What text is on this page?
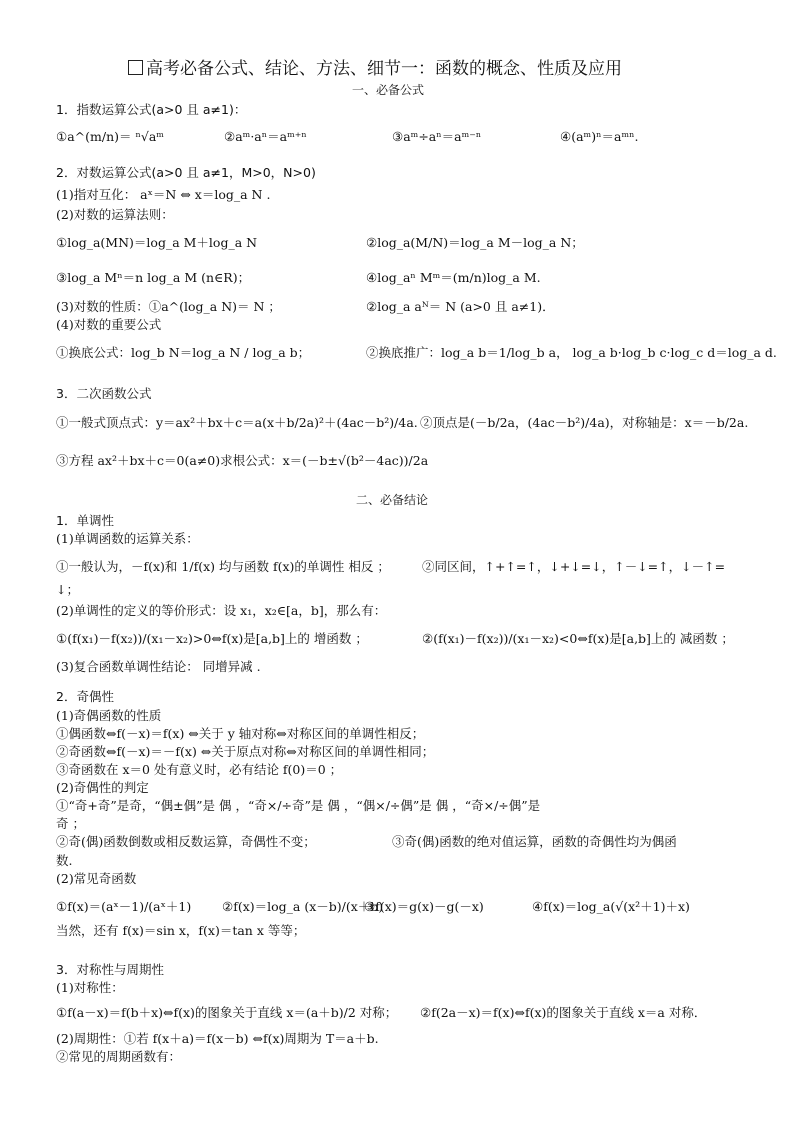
高考必备公式、结论、方法、细节一：函数的概念、性质及应用
一、必备公式
1．指数运算公式(a>0 且 a≠1)：
①a^(m/n)＝ ⁿ√aᵐ	②aᵐ·aⁿ＝aᵐ⁺ⁿ	③aᵐ÷aⁿ＝aᵐ⁻ⁿ	④(aᵐ)ⁿ＝aᵐⁿ.
2．对数运算公式(a>0 且 a≠1，M>0，N>0)
(1)指对互化： aˣ＝N ⇔ x＝log_a N .
(2)对数的运算法则：
①log_a(MN)＝log_a M＋log_a N	②log_a(M/N)＝log_a M－log_a N；
③log_a Mⁿ＝n log_a M (n∈R)；	④log_aⁿ Mᵐ＝(m/n)log_a M.
(3)对数的性质：①a^(log_a N)＝ N ；	②log_a aᴺ＝ N (a>0 且 a≠1)．
(4)对数的重要公式
①换底公式：log_b N＝log_a N / log_a b；	②换底推广：log_a b＝1/log_b a， log_a b·log_b c·log_c d＝log_a d.
3．二次函数公式
①一般式顶点式：y＝ax²＋bx＋c＝a(x＋b/2a)²＋(4ac－b²)/4a. ②顶点是(－b/2a，(4ac－b²)/4a)，对称轴是：x＝－b/2a.
③方程 ax²＋bx＋c＝0(a≠0)求根公式：x＝(－b±√(b²－4ac))/2a
二、必备结论
1．单调性
(1)单调函数的运算关系：
①一般认为，－f(x)和 1/f(x) 均与函数 f(x)的单调性 相反 ；	②同区间，↑+↑=↑，↓+↓=↓，↑－↓=↑，↓－↑=
↓；
(2)单调性的定义的等价形式：设 x₁，x₂∈[a，b]，那么有：
①(f(x₁)－f(x₂))/(x₁－x₂)>0⇔f(x)是[a,b]上的 增函数 ；	②(f(x₁)－f(x₂))/(x₁－x₂)<0⇔f(x)是[a,b]上的 减函数 ；
(3)复合函数单调性结论： 同增异减 .
2．奇偶性
(1)奇偶函数的性质
①偶函数⇔f(－x)＝f(x) ⇔关于 y 轴对称⇔对称区间的单调性相反；
②奇函数⇔f(－x)＝－f(x) ⇔关于原点对称⇔对称区间的单调性相同；
③奇函数在 x＝0 处有意义时，必有结论 f(0)＝0 ；
(2)奇偶性的判定
①“奇+奇”是奇，“偶±偶”是 偶 ，“奇×/÷奇”是 偶 ，“偶×/÷偶”是 偶 ，“奇×/÷偶”是
奇 ；
②奇(偶)函数倒数或相反数运算，奇偶性不变；	③奇(偶)函数的绝对值运算，函数的奇偶性均为偶函
数.
(2)常见奇函数
①f(x)＝(aˣ－1)/(aˣ＋1) ②f(x)＝log_a (x－b)/(x＋b)
③f(x)＝g(x)－g(－x)	④f(x)＝log_a(√(x²＋1)＋x)
当然，还有 f(x)＝sin x，f(x)＝tan x 等等；
3．对称性与周期性
(1)对称性：
①f(a－x)＝f(b＋x)⇔f(x)的图象关于直线 x＝(a＋b)/2 对称； ②f(2a－x)＝f(x)⇔f(x)的图象关于直线 x＝a 对称．
(2)周期性：①若 f(x＋a)＝f(x－b) ⇔f(x)周期为 T＝a＋b.
②常见的周期函数有：
